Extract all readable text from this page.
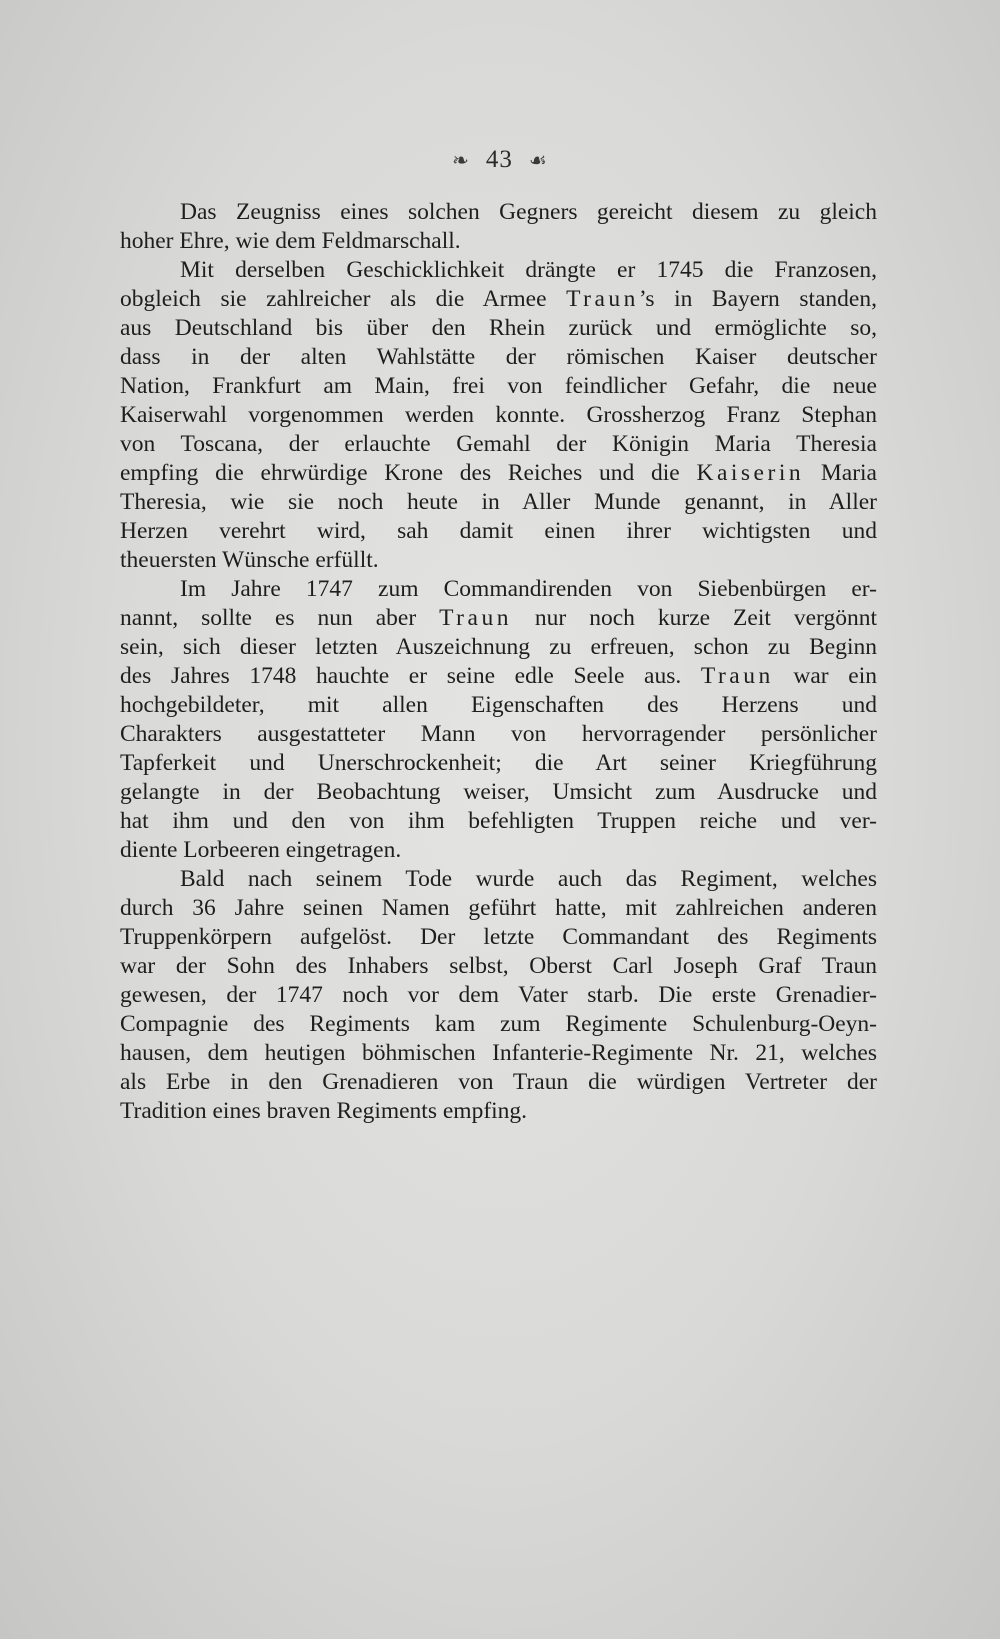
❧ 43 ☙
Das Zeugniss eines solchen Gegners gereicht diesem zu gleich
hoher Ehre, wie dem Feldmarschall.
Mit derselben Geschicklichkeit drängte er 1745 die Franzosen,
obgleich sie zahlreicher als die Armee Traun’s in Bayern standen,
aus Deutschland bis über den Rhein zurück und ermöglichte so,
dass in der alten Wahlstätte der römischen Kaiser deutscher
Nation, Frankfurt am Main, frei von feindlicher Gefahr, die neue
Kaiserwahl vorgenommen werden konnte. Grossherzog Franz Stephan
von Toscana, der erlauchte Gemahl der Königin Maria Theresia
empfing die ehrwürdige Krone des Reiches und die Kaiserin Maria
Theresia, wie sie noch heute in Aller Munde genannt, in Aller
Herzen verehrt wird, sah damit einen ihrer wichtigsten und
theuersten Wünsche erfüllt.
Im Jahre 1747 zum Commandirenden von Siebenbürgen er-
nannt, sollte es nun aber Traun nur noch kurze Zeit vergönnt
sein, sich dieser letzten Auszeichnung zu erfreuen, schon zu Beginn
des Jahres 1748 hauchte er seine edle Seele aus. Traun war ein
hochgebildeter, mit allen Eigenschaften des Herzens und
Charakters ausgestatteter Mann von hervorragender persönlicher
Tapferkeit und Unerschrockenheit; die Art seiner Kriegführung
gelangte in der Beobachtung weiser, Umsicht zum Ausdrucke und
hat ihm und den von ihm befehligten Truppen reiche und ver-
diente Lorbeeren eingetragen.
Bald nach seinem Tode wurde auch das Regiment, welches
durch 36 Jahre seinen Namen geführt hatte, mit zahlreichen anderen
Truppenkörpern aufgelöst. Der letzte Commandant des Regiments
war der Sohn des Inhabers selbst, Oberst Carl Joseph Graf Traun
gewesen, der 1747 noch vor dem Vater starb. Die erste Grenadier-
Compagnie des Regiments kam zum Regimente Schulenburg-Oeyn-
hausen, dem heutigen böhmischen Infanterie-Regimente Nr. 21, welches
als Erbe in den Grenadieren von Traun die würdigen Vertreter der
Tradition eines braven Regiments empfing.
